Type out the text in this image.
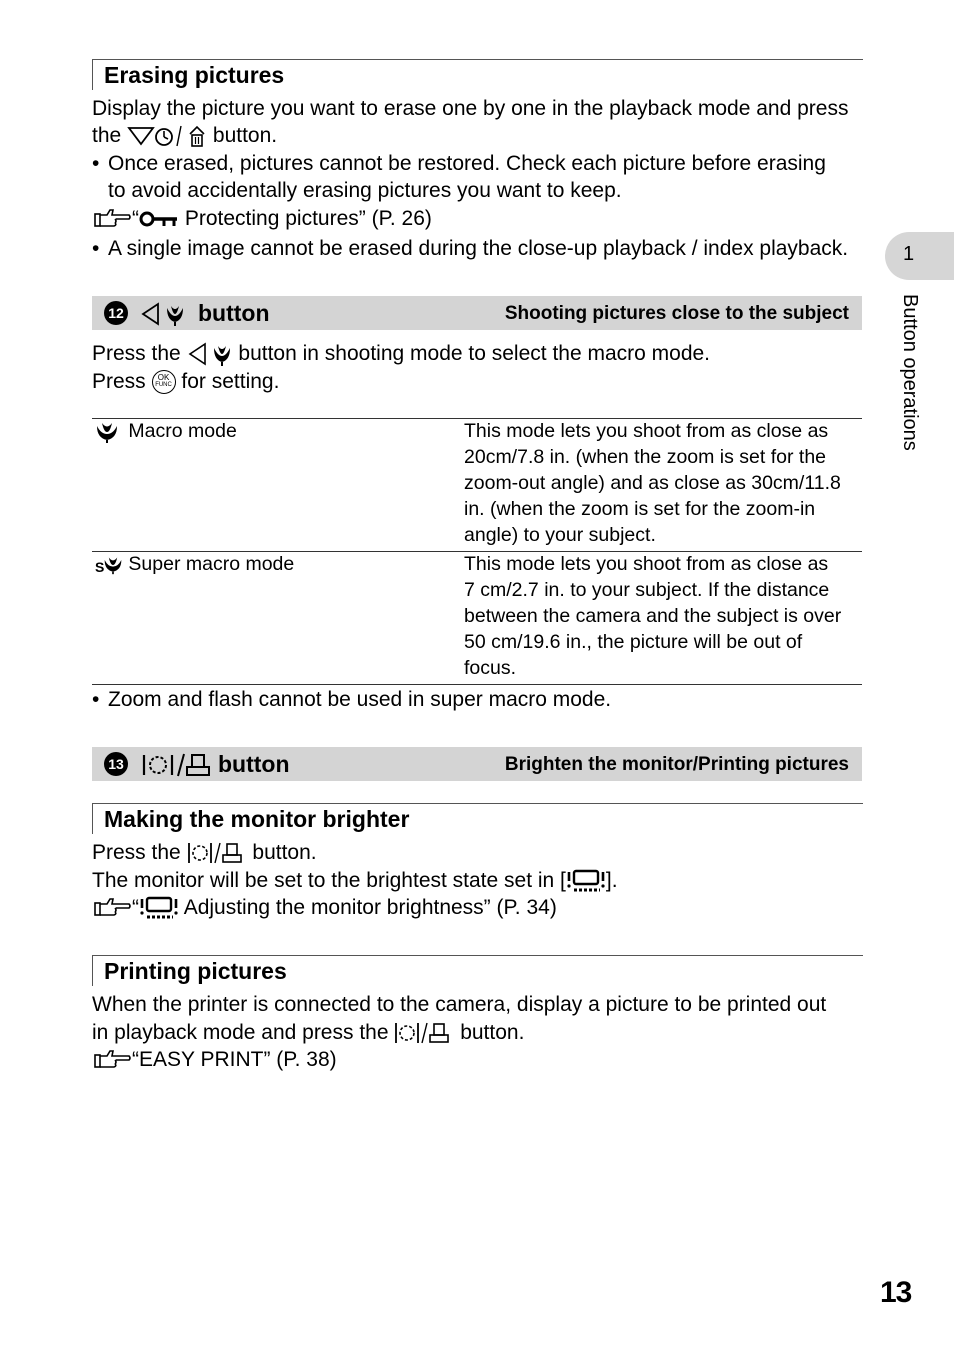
Erasing pictures
Display the picture you want to erase one by one in the playback mode and press
the	button.
• Once erased, pictures cannot be restored. Check each picture before erasing
to avoid accidentally erasing pictures you want to keep.
“ Protecting pictures” (P. 26)
• A single image cannot be erased during the close-up playback / index playback.
12	button	Shooting pictures close to the subject
Press the	button in shooting mode to select the macro mode.
Press	OK
FUNC for setting.
Macro mode	This mode lets you shoot from as close as
20cm/7.8 in. (when the zoom is set for the
zoom-out angle) and as close as 30cm/11.8
in. (when the zoom is set for the zoom-in
angle) to your subject.
S Super macro mode	This mode lets you shoot from as close as
7 cm/2.7 in. to your subject. If the distance
between the camera and the subject is over
50 cm/19.6 in., the picture will be out of
focus.
• Zoom and flash cannot be used in super macro mode.
13	button	Brighten the monitor/Printing pictures
Making the monitor brighter
Press the	button.
The monitor will be set to the brightest state set in [ ].
“ Adjusting the monitor brightness” (P. 34)
Printing pictures
When the printer is connected to the camera, display a picture to be printed out
in playback mode and press the	button.
“EASY PRINT” (P. 38)
1
Button operations
13
